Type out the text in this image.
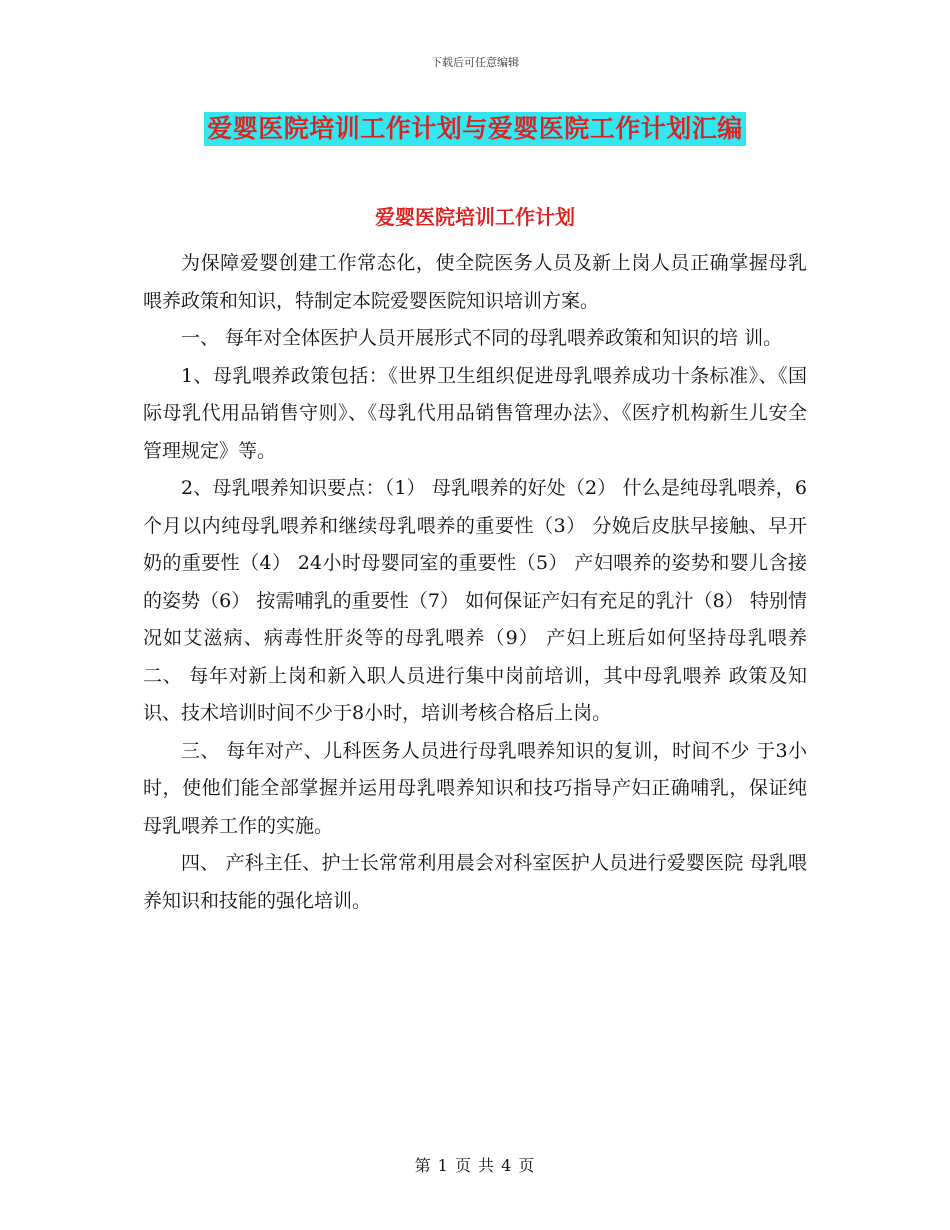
下载后可任意编辑
爱婴医院培训工作计划与爱婴医院工作计划汇编
爱婴医院培训工作计划

为保障爱婴创建工作常态化，使全院医务人员及新上岗人员正确掌握母乳喂养政策和知识，特制定本院爱婴医院知识培训方案。

一、 每年对全体医护人员开展形式不同的母乳喂养政策和知识的培 训。

1、母乳喂养政策包括：《世界卫生组织促进母乳喂养成功十条标准》、《国际母乳代用品销售守则》、《母乳代用品销售管理办法》、《医疗机构新生儿安全管理规定》等。

2、母乳喂养知识要点：（1） 母乳喂养的好处（2） 什么是纯母乳喂养，6个月以内纯母乳喂养和继续母乳喂养的重要性（3） 分娩后皮肤早接触、早开奶的重要性（4） 24小时母婴同室的重要性（5） 产妇喂养的姿势和婴儿含接的姿势（6） 按需哺乳的重要性（7） 如何保证产妇有充足的乳汁（8） 特别情况如艾滋病、病毒性肝炎等的母乳喂养（9） 产妇上班后如何坚持母乳喂养二、 每年对新上岗和新入职人员进行集中岗前培训，其中母乳喂养 政策及知识、技术培训时间不少于8小时，培训考核合格后上岗。

三、 每年对产、儿科医务人员进行母乳喂养知识的复训，时间不少 于3小时，使他们能全部掌握并运用母乳喂养知识和技巧指导产妇正确哺乳，保证纯母乳喂养工作的实施。

四、 产科主任、护士长常常利用晨会对科室医护人员进行爱婴医院 母乳喂养知识和技能的强化培训。

第 1 页 共 4 页
